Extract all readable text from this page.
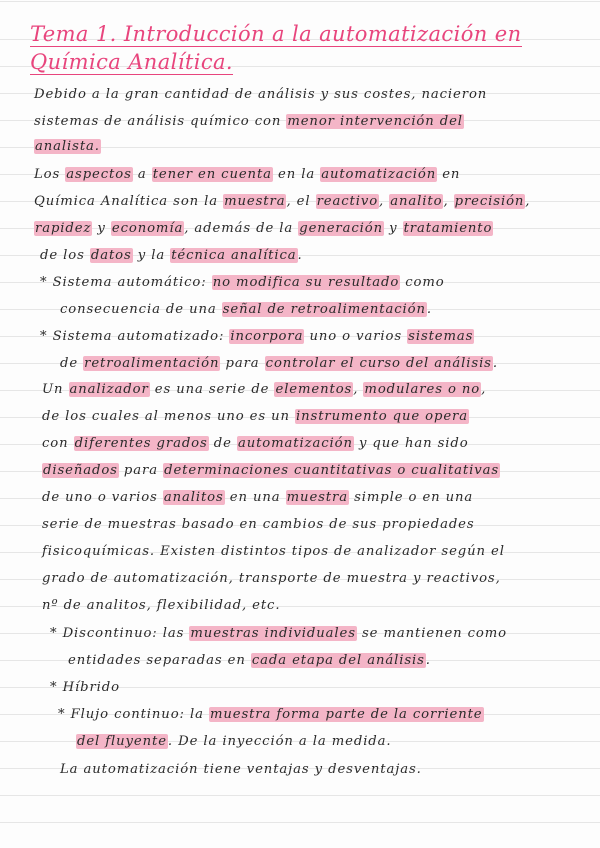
Tema 1. Introducción a la automatización en
Química Analítica.
Debido a la gran cantidad de análisis y sus costes, nacieron
sistemas de análisis químico con menor intervención del
analista.
Los aspectos a tener en cuenta en la automatización en
Química Analítica son la muestra, el reactivo, analito, precisión,
rapidez y economía, además de la generación y tratamiento
de los datos y la técnica analítica.
* Sistema automático: no modifica su resultado como
consecuencia de una señal de retroalimentación.
* Sistema automatizado: incorpora uno o varios sistemas
de retroalimentación para controlar el curso del análisis.
Un analizador es una serie de elementos, modulares o no,
de los cuales al menos uno es un instrumento que opera
con diferentes grados de automatización y que han sido
diseñados para determinaciones cuantitativas o cualitativas
de uno o varios analitos en una muestra simple o en una
serie de muestras basado en cambios de sus propiedades
fisicoquímicas. Existen distintos tipos de analizador según el
grado de automatización, transporte de muestra y reactivos,
nº de analitos, flexibilidad, etc.
* Discontinuo: las muestras individuales se mantienen como
entidades separadas en cada etapa del análisis.
* Híbrido
* Flujo continuo: la muestra forma parte de la corriente
del fluyente. De la inyección a la medida.
La automatización tiene ventajas y desventajas.
